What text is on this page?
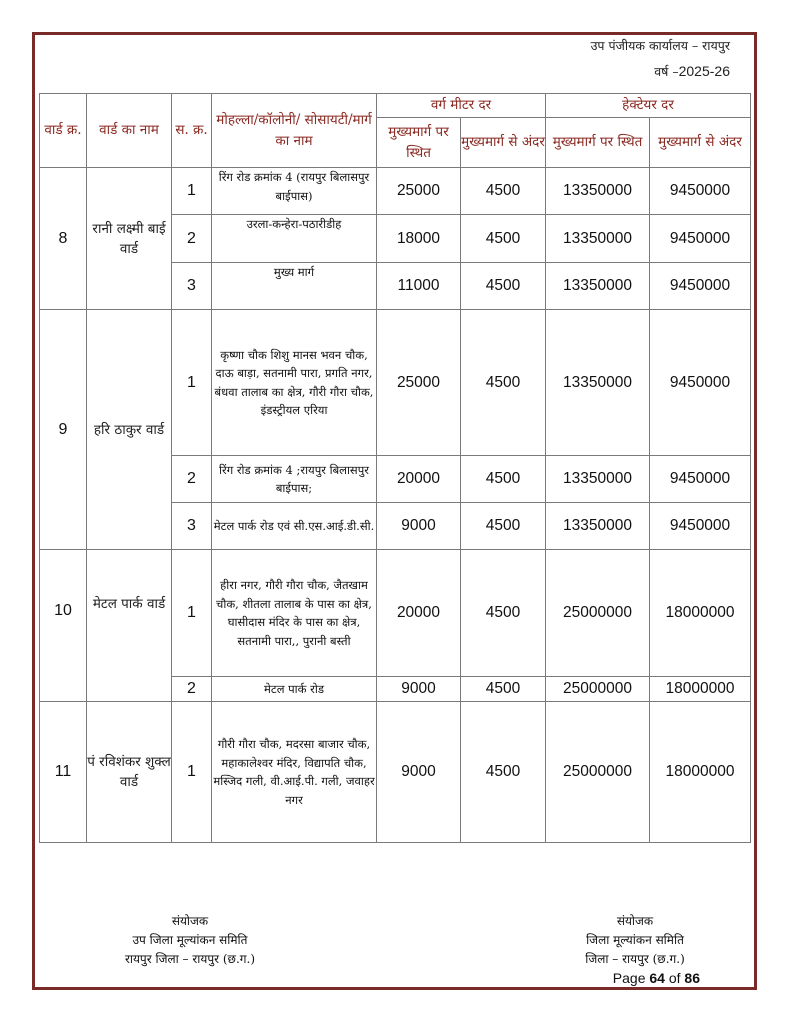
उप पंजीयक कार्यालय – रायपुर
वर्ष –2025-26
वार्ड क्र.	वार्ड का नाम	स. क्र.	मोहल्ला/कॉलोनी/ सोसायटी/मार्ग का नाम	वर्ग मीटर दर		हेक्टेयर दर	
				मुख्यमार्ग पर स्थित	मुख्यमार्ग से अंदर	मुख्यमार्ग पर स्थित	मुख्यमार्ग से अंदर
8	रानी लक्ष्मी बाई वार्ड	1	रिंग रोड क्रमांक 4 (रायपुर बिलासपुर बाईपास)	25000	4500	13350000	9450000
		2	उरला-कन्हेरा-पठारीडीह	18000	4500	13350000	9450000
		3	मुख्य मार्ग	11000	4500	13350000	9450000
9	हरि ठाकुर वार्ड	1	कृष्णा चौक शिशु मानस भवन चौक, दाऊ बाड़ा, सतनामी पारा, प्रगति नगर, बंधवा तालाब का क्षेत्र, गौरी गौरा चौक, इंडस्ट्रीयल एरिया	25000	4500	13350000	9450000
		2	रिंग रोड क्रमांक 4 ;रायपुर बिलासपुर बाईपास;	20000	4500	13350000	9450000
		3	मेटल पार्क रोड एवं सी.एस.आई.डी.सी.	9000	4500	13350000	9450000
10	मेटल पार्क वार्ड	1	हीरा नगर, गौरी गौरा चौक, जैतखाम चौक, शीतला तालाब के पास का क्षेत्र, घासीदास मंदिर के पास का क्षेत्र, सतनामी पारा,, पुरानी बस्ती	20000	4500	25000000	18000000
		2	मेटल पार्क रोड	9000	4500	25000000	18000000
11	पं रविशंकर शुक्ल वार्ड	1	गौरी गौरा चौक, मदरसा बाजार चौक, महाकालेश्वर मंदिर, विद्यापति चौक, मस्जिद गली, वी.आई.पी. गली, जवाहर नगर	9000	4500	25000000	18000000
संयोजक
उप जिला मूल्यांकन समिति
रायपुर जिला – रायपुर (छ.ग.)
संयोजक
जिला मूल्यांकन समिति
जिला – रायपुर (छ.ग.)
Page 64 of 86
